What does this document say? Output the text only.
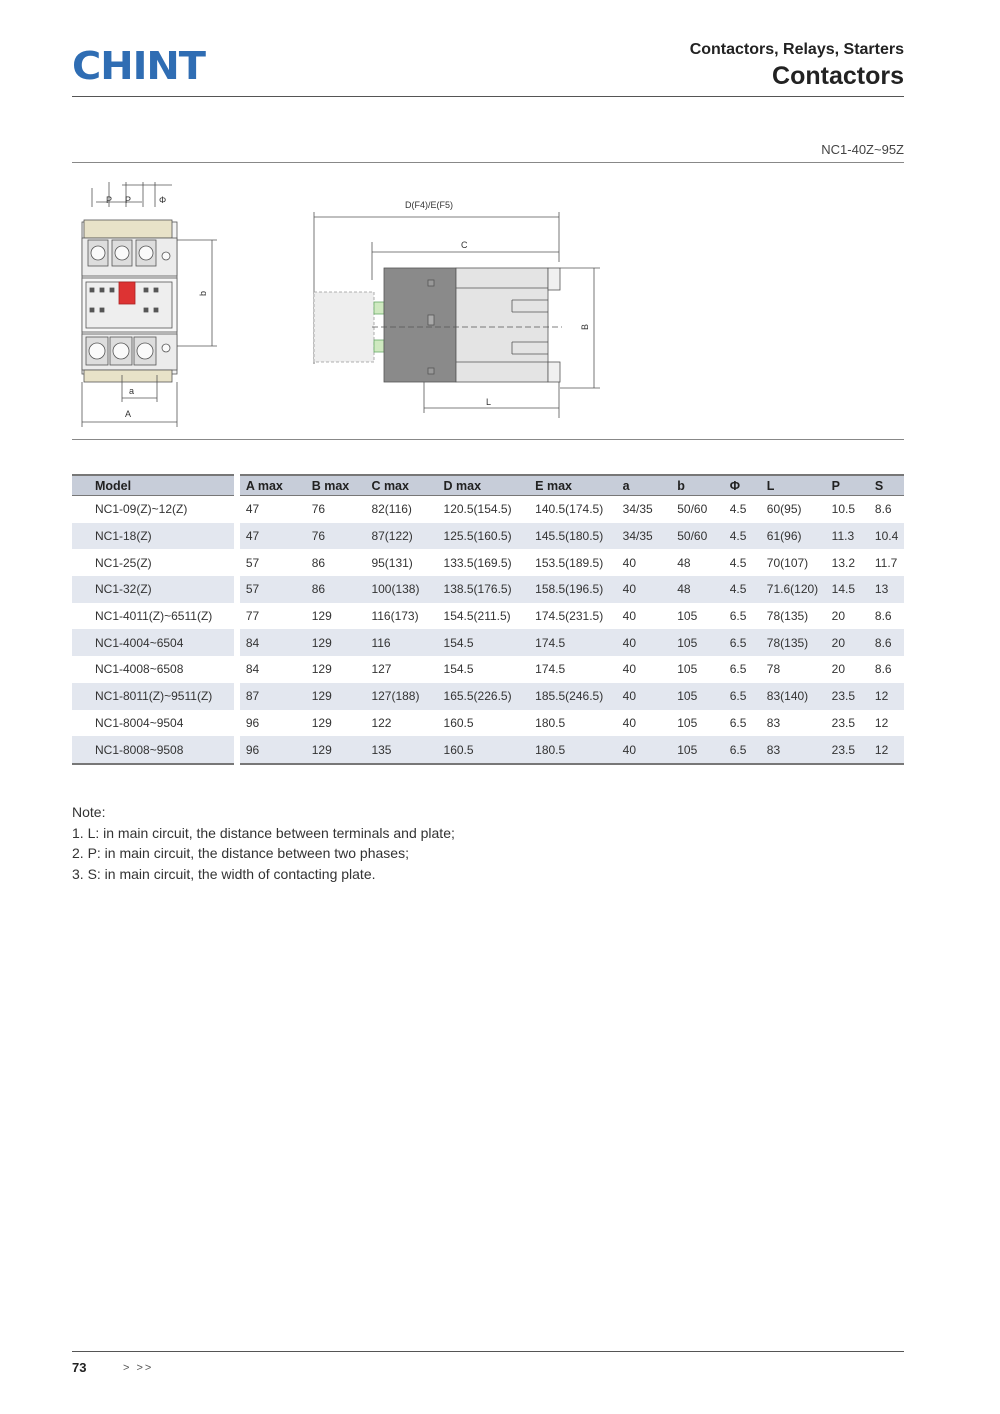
CHINT	Contactors, Relays, Starters
Contactors
NC1-40Z~95Z
P P	Φ
b
a
A
D(F4)/E(F5)
C
B
L
Model		A max	B max	C max	D max	E max	a	b	Φ	L	P	S
NC1-09(Z)~12(Z)		47	76	82(116)	120.5(154.5)	140.5(174.5)	34/35	50/60	4.5	60(95)	10.5	8.6
NC1-18(Z)		47	76	87(122)	125.5(160.5)	145.5(180.5)	34/35	50/60	4.5	61(96)	11.3	10.4
NC1-25(Z)		57	86	95(131)	133.5(169.5)	153.5(189.5)	40	48	4.5	70(107)	13.2	11.7
NC1-32(Z)		57	86	100(138)	138.5(176.5)	158.5(196.5)	40	48	4.5	71.6(120)	14.5	13
NC1-4011(Z)~6511(Z)		77	129	116(173)	154.5(211.5)	174.5(231.5)	40	105	6.5	78(135)	20	8.6
NC1-4004~6504		84	129	116	154.5	174.5	40	105	6.5	78(135)	20	8.6
NC1-4008~6508		84	129	127	154.5	174.5	40	105	6.5	78	20	8.6
NC1-8011(Z)~9511(Z)		87	129	127(188)	165.5(226.5)	185.5(246.5)	40	105	6.5	83(140)	23.5	12
NC1-8004~9504		96	129	122	160.5	180.5	40	105	6.5	83	23.5	12
NC1-8008~9508		96	129	135	160.5	180.5	40	105	6.5	83	23.5	12
Note:
1. L: in main circuit, the distance between terminals and plate;
2. P: in main circuit, the distance between two phases;
3. S: in main circuit, the width of contacting plate.
73	> >>
